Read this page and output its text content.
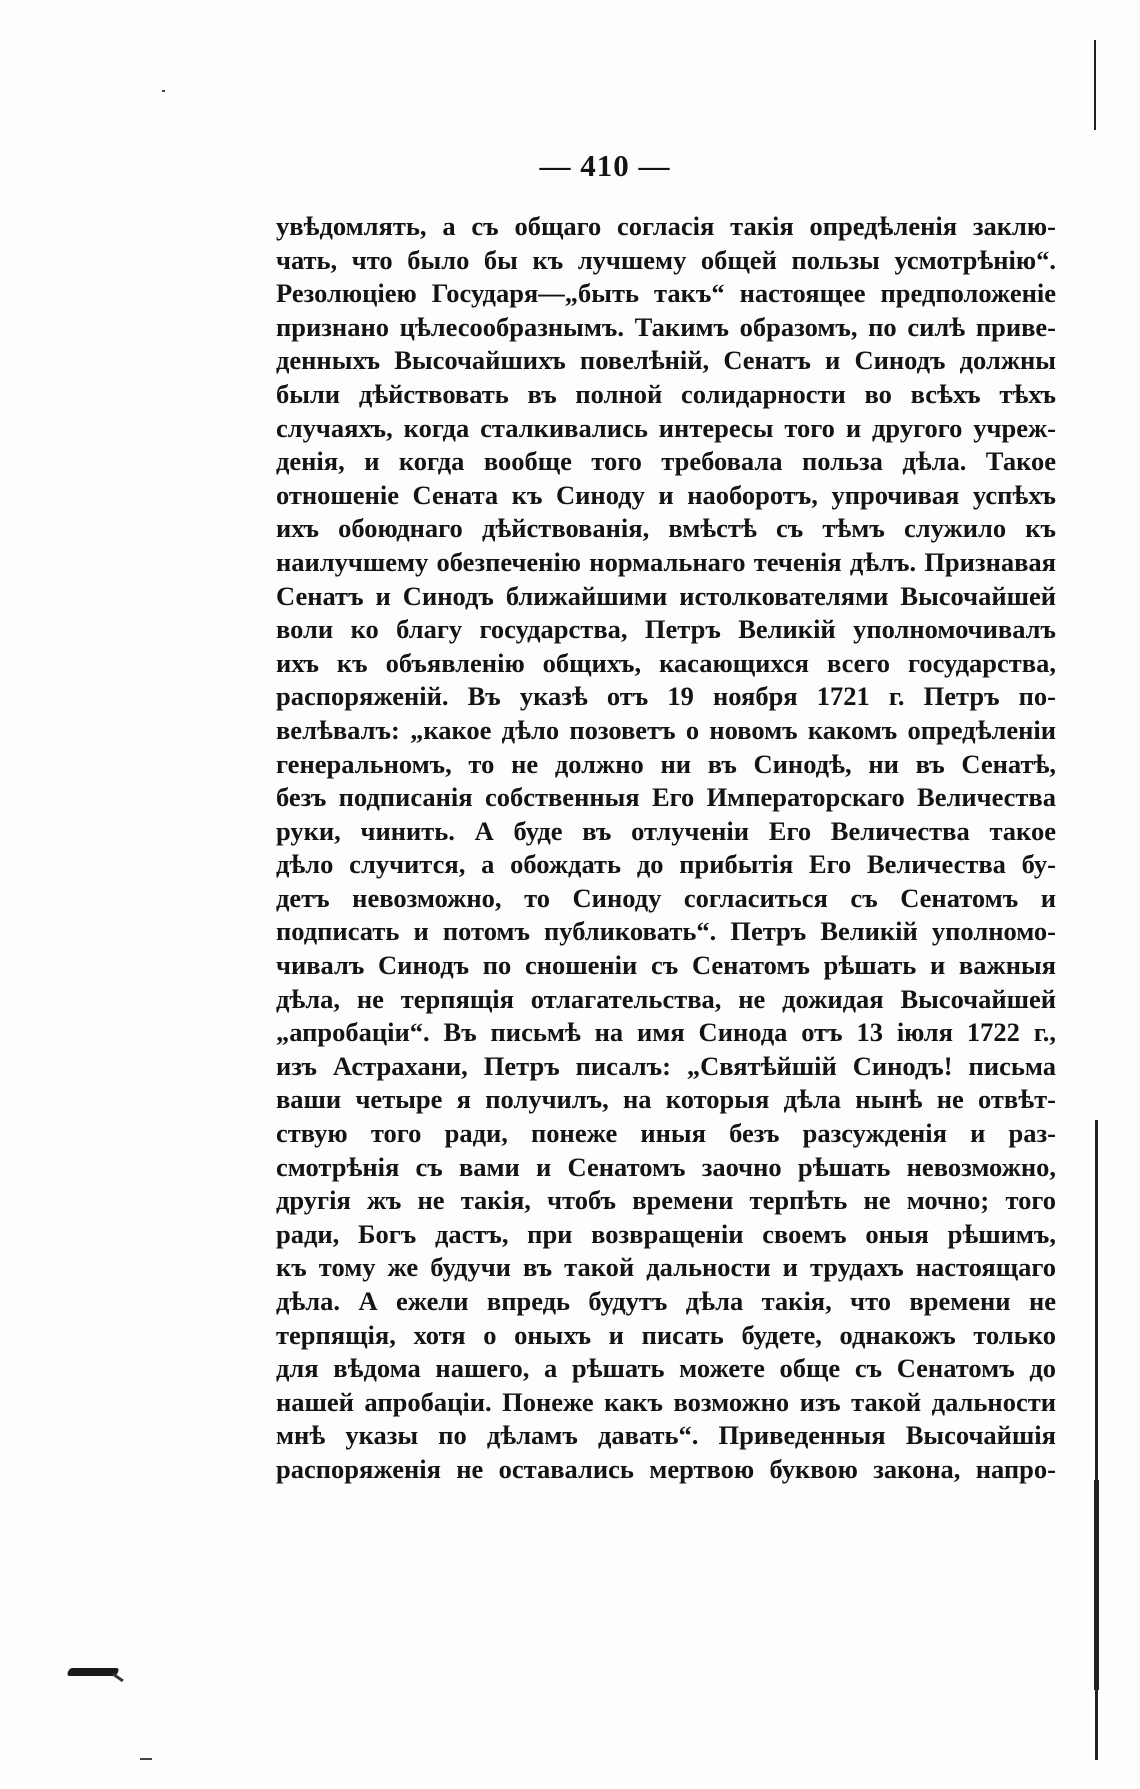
— 410 —
увѣдомлять, а съ общаго согласія такія опредѣленія заклю-
чать, что было бы къ лучшему общей пользы усмотрѣнію“.
Резолюціею Государя—„быть такъ“ настоящее предположеніе
признано цѣлесообразнымъ. Такимъ образомъ, по силѣ приве-
денныхъ Высочайшихъ повелѣній, Сенатъ и Синодъ должны
были дѣйствовать въ полной солидарности во всѣхъ тѣхъ
случаяхъ, когда сталкивались интересы того и другого учреж-
денія, и когда вообще того требовала польза дѣла. Такое
отношеніе Сената къ Синоду и наоборотъ, упрочивая успѣхъ
ихъ обоюднаго дѣйствованія, вмѣстѣ съ тѣмъ служило къ
наилучшему обезпеченію нормальнаго теченія дѣлъ. Признавая
Сенатъ и Синодъ ближайшими истолкователями Высочайшей
воли ко благу государства, Петръ Великій уполномочивалъ
ихъ къ объявленію общихъ, касающихся всего государства,
распоряженій. Въ указѣ отъ 19 ноября 1721 г. Петръ по-
велѣвалъ: „какое дѣло позоветъ о новомъ какомъ опредѣленіи
генеральномъ, то не должно ни въ Синодѣ, ни въ Сенатѣ,
безъ подписанія собственныя Его Императорскаго Величества
руки, чинить. А буде въ отлученіи Его Величества такое
дѣло случится, а обождать до прибытія Его Величества бу-
детъ невозможно, то Синоду согласиться съ Сенатомъ и
подписать и потомъ публиковать“. Петръ Великій уполномо-
чивалъ Синодъ по сношеніи съ Сенатомъ рѣшать и важныя
дѣла, не терпящія отлагательства, не дожидая Высочайшей
„апробаціи“. Въ письмѣ на имя Синода отъ 13 іюля 1722 г.,
изъ Астрахани, Петръ писалъ: „Святѣйшій Синодъ! письма
ваши четыре я получилъ, на которыя дѣла нынѣ не отвѣт-
ствую того ради, понеже иныя безъ разсужденія и раз-
смотрѣнія съ вами и Сенатомъ заочно рѣшать невозможно,
другія жъ не такія, чтобъ времени терпѣть не мочно; того
ради, Богъ дастъ, при возвращеніи своемъ оныя рѣшимъ,
къ тому же будучи въ такой дальности и трудахъ настоящаго
дѣла. А ежели впредь будутъ дѣла такія, что времени не
терпящія, хотя о оныхъ и писать будете, однакожъ только
для вѣдома нашего, а рѣшать можете обще съ Сенатомъ до
нашей апробаціи. Понеже какъ возможно изъ такой дальности
мнѣ указы по дѣламъ давать“. Приведенныя Высочайшія
распоряженія не оставались мертвою буквою закона, напро-
